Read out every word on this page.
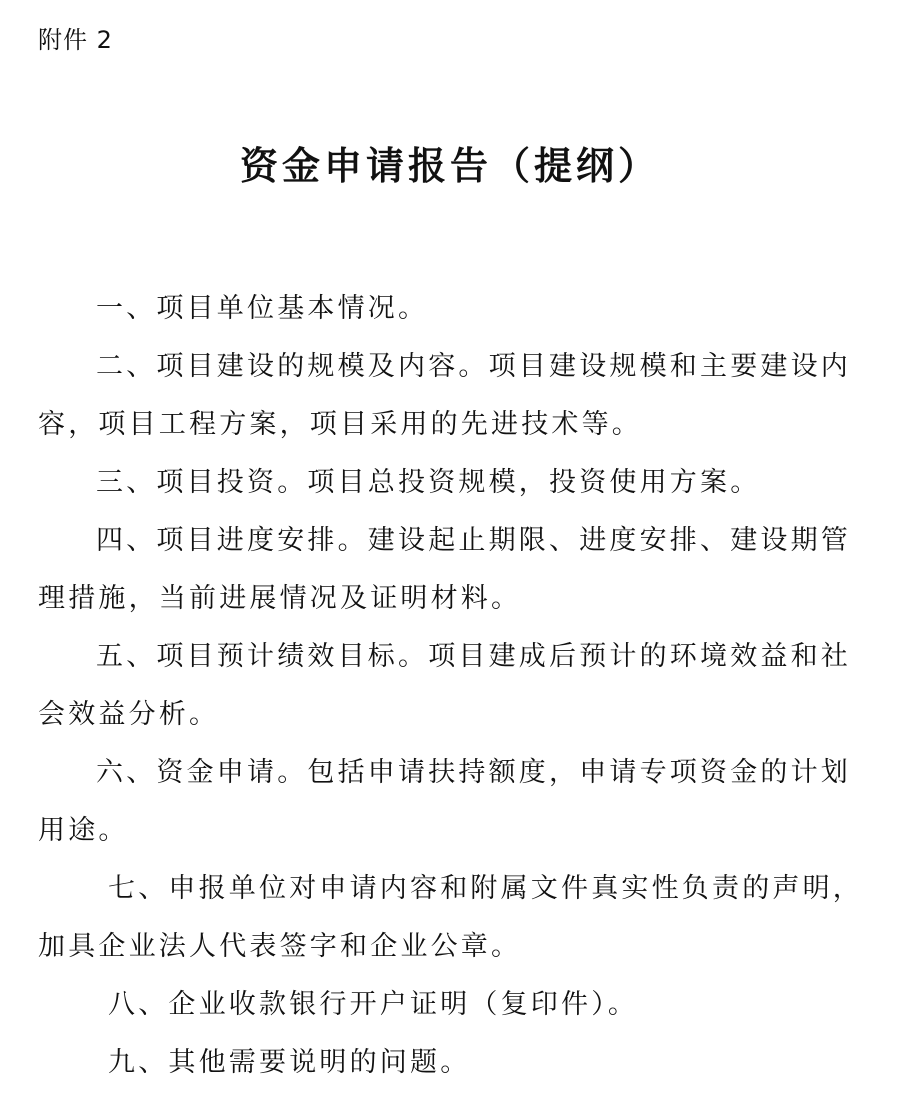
附件 2
资金申请报告（提纲）

一、项目单位基本情况。

二、项目建设的规模及内容。项目建设规模和主要建设内容，项目工程方案，项目采用的先进技术等。

三、项目投资。项目总投资规模，投资使用方案。

四、项目进度安排。建设起止期限、进度安排、建设期管理措施，当前进展情况及证明材料。

五、项目预计绩效目标。项目建成后预计的环境效益和社会效益分析。

六、资金申请。包括申请扶持额度，申请专项资金的计划用途。

七、申报单位对申请内容和附属文件真实性负责的声明，加具企业法人代表签字和企业公章。

八、企业收款银行开户证明（复印件）。

九、其他需要说明的问题。
